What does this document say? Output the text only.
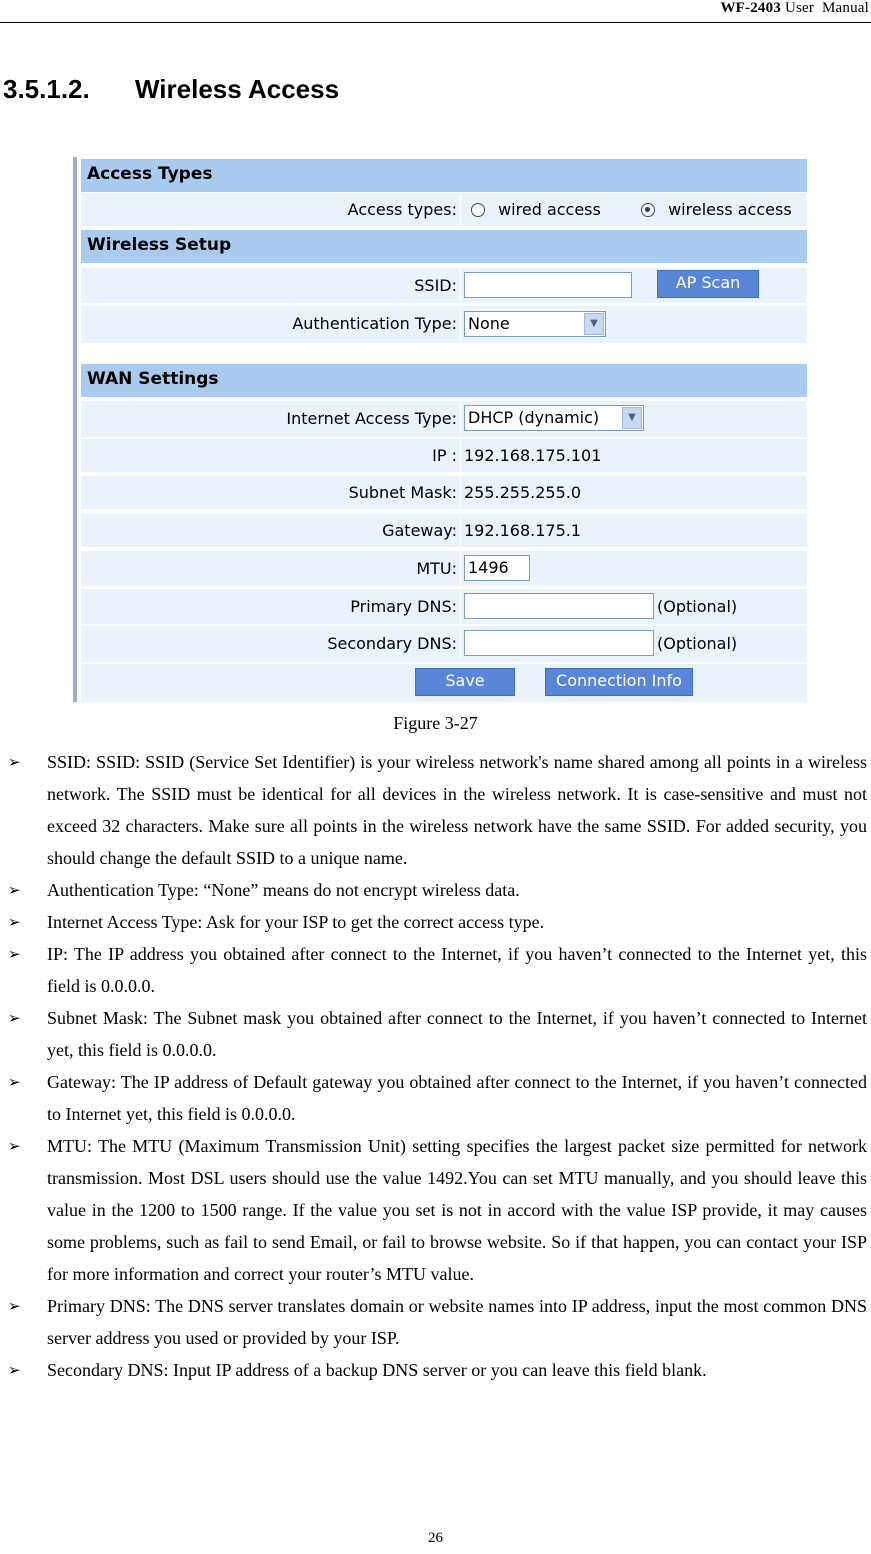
WF-2403 User  Manual
3.5.1.2. Wireless Access
Access Types
Access types:	wired access	wireless access
Wireless Setup
SSID:	AP Scan
Authentication Type: None	▼
WAN Settings
Internet Access Type: DHCP (dynamic)	▼
IP : 192.168.175.101
Subnet Mask: 255.255.255.0
Gateway: 192.168.175.1
MTU: 1496
Primary DNS:	(Optional)
Secondary DNS:	(Optional)
Save	Connection Info
Figure 3-27
➢ SSID: SSID: SSID (Service Set Identifier) is your wireless network's name shared among all points in a wireless network. The SSID must be identical for all devices in the wireless network. It is case-sensitive and must not exceed 32 characters. Make sure all points in the wireless network have the same SSID. For added security, you should change the default SSID to a unique name.
➢ Authentication Type: “None” means do not encrypt wireless data.
➢ Internet Access Type: Ask for your ISP to get the correct access type.
➢ IP: The IP address you obtained after connect to the Internet, if you haven’t connected to the Internet yet, this field is 0.0.0.0.
➢ Subnet Mask: The Subnet mask you obtained after connect to the Internet, if you haven’t connected to Internet yet, this field is 0.0.0.0.
➢ Gateway: The IP address of Default gateway you obtained after connect to the Internet, if you haven’t connected to Internet yet, this field is 0.0.0.0.
➢ MTU: The MTU (Maximum Transmission Unit) setting specifies the largest packet size permitted for network transmission. Most DSL users should use the value 1492.You can set MTU manually, and you should leave this value in the 1200 to 1500 range. If the value you set is not in accord with the value ISP provide, it may causes some problems, such as fail to send Email, or fail to browse website. So if that happen, you can contact your ISP for more information and correct your router’s MTU value.
➢ Primary DNS: The DNS server translates domain or website names into IP address, input the most common DNS server address you used or provided by your ISP.
➢ Secondary DNS: Input IP address of a backup DNS server or you can leave this field blank.
26
